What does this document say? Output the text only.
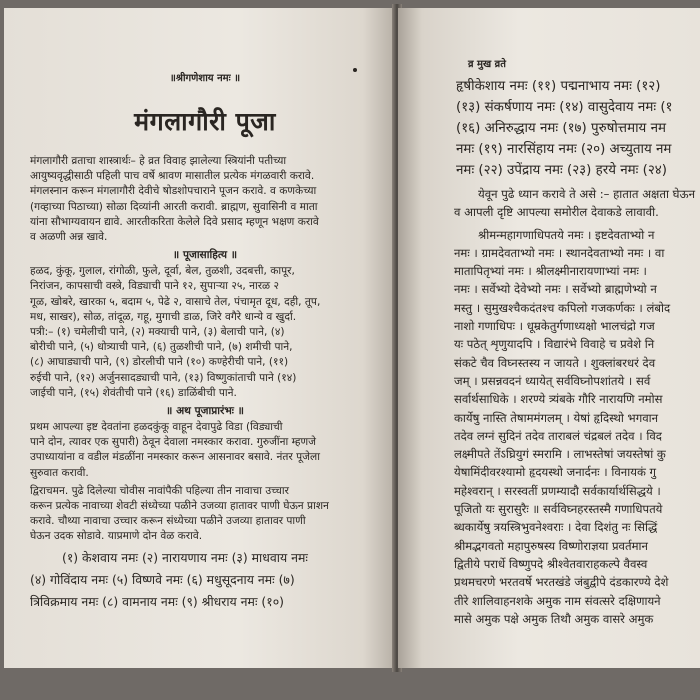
॥श्रीगणेशाय नमः ॥
मंगलागौरी पूजा
मंगलागौरी व्रताचा शास्त्रार्थः– हे व्रत विवाह झालेल्या स्त्रियांनी पतीच्या
आयुष्यवृद्धीसाठी पहिली पाच वर्षे श्रावण मासातील प्रत्येक मंगळवारी करावे.
मंगलस्नान करून मंगलागौरी देवीचे षोडशोपचाराने पूजन करावे. व कणकेच्या
(गव्हाच्या पिठाच्या) सोळा दिव्यांनी आरती करावी. ब्राह्मण, सुवासिनी व माता
यांना सौभाग्यवायन द्यावे. आरतीकरिता केलेले दिवे प्रसाद म्हणून भक्षण करावे
व अळणी अन्न खावे.
॥ पूजासाहित्य ॥
हळद, कुंकू, गुलाल, रांगोळी, फुले, दूर्वा, बेल, तुळशी, उदबत्ती, कापूर,
निरांजन, कापसाची वस्त्रे, विड्याची पाने १२, सुपाऱ्या २५, नारळ २
गूळ, खोबरे, खारका ५, बदाम ५, पेढे २, वासाचे तेल, पंचामृत दूध, दही, तूप,
मध, साखर), सोळ, तांदूळ, गहू, मुगाची डाळ, जिरे वगैरे धान्ये व खुर्दा.
पत्री:– (१) चमेलीची पाने, (२) मक्याची पाने, (३) बेलाची पाने, (४)
बोरीची पाने, (५) धोत्र्याची पाने, (६) तुळशीची पाने, (७) शमीची पाने,
(८) आघाड्याची पाने, (९) डोरलीची पाने (१०) कण्हेरीची पाने, (११)
रुईची पाने, (१२) अर्जुनसादड्याची पाने, (१३) विष्णुकांताची पाने (१४)
जाईची पाने, (१५) शेवंतीची पाने (१६) डाळिंबीची पाने.
॥ अथ पूजाप्रारंभः ॥
प्रथम आपल्या इष्ट देवतांना हळदकुंकू वाहून देवापुढे विडा (विड्याची
पाने दोन, त्यावर एक सुपारी) ठेवून देवाला नमस्कार करावा. गुरुजींना म्हणजे
उपाध्यायांना व वडील मंडळींना नमस्कार करून आसनावर बसावे. नंतर पूजेला
सुरुवात करावी.
द्विराचमन. पुढे दिलेल्या चोवीस नावांपैकी पहिल्या तीन नावाचा उच्चार
करून प्रत्येक नावाच्या शेवटी संध्येच्या पळीने उजव्या हातावर पाणी घेऊन प्राशन
करावे. चौथ्या नावाचा उच्चार करून संध्येच्या पळीने उजव्या हातावर पाणी
घेऊन उदक सोडावे. याप्रमाणे दोन वेळ करावे.
(१) केशवाय नमः (२) नारायणाय नमः (३) माधवाय नमः
(४) गोविंदाय नमः (५) विष्णवे नमः (६) मधुसूदनाय नमः (७)
त्रिविक्रमाय नमः (८) वामनाय नमः (९) श्रीधराय नमः (१०)
व्र मुख व्रते
हृषीकेशाय नमः (११) पद्मनाभाय नमः (१२)
(१३) संकर्षणाय नमः (१४) वासुदेवाय नमः (१
(१६) अनिरुद्धाय नमः (१७) पुरुषोत्तमाय नम
नमः (१९) नारसिंहाय नमः (२०) अच्युताय नम
नमः (२२) उपेंद्राय नमः (२३) हरये नमः (२४)
येवून पुढे ध्यान करावे ते असे :– हातात अक्षता घेऊन
व आपली दृष्टि आपल्या समोरील देवाकडे लावावी.
श्रीमन्महागणाधिपतये नमः । इष्टदेवताभ्यो न
नमः । ग्रामदेवताभ्यो नमः । स्थानदेवताभ्यो नमः । वा
मातापितृभ्यां नमः । श्रीलक्ष्मीनारायणाभ्यां नमः ।
नमः । सर्वेभ्यो देवेभ्यो नमः । सर्वेभ्यो ब्राह्मणेभ्यो न
मस्तु । सुमुखश्चैकदंतश्च कपिलो गजकर्णकः । लंबोद
नाशो गणाधिपः । धूम्रकेतुर्गणाध्यक्षो भालचंद्रो गज
यः पठेत् शृणुयादपि । विद्यारंभे विवाहे च प्रवेशे नि
संकटे चैव विघ्नस्तस्य न जायते । शुक्लांबरधरं देव
जम् । प्रसन्नवदनं ध्यायेत् सर्वविघ्नोपशांतये । सर्व
सर्वार्थसाधिके । शरण्ये त्र्यंबके गौरि नारायणि नमोस
कार्येषु नास्ति तेषाममंगलम् । येषां हृदिस्थो भगवान
तदेव लग्नं सुदिनं तदेव ताराबलं चंद्रबलं तदेव । विद
लक्ष्मीपते तेंऽघ्रियुगं स्मरामि । लाभस्तेषां जयस्तेषां कु
येषामिंदीवरश्यामो हृदयस्थो जनार्दनः । विनायकं गु
महेश्वरान् । सरस्वतीं प्रणम्यादौ सर्वकार्यार्थसिद्धये ।
पूजितो यः सुरासुरैः ॥ सर्वविघ्नहरस्तस्मै गणाधिपतये
ब्धकार्येषु त्रयस्त्रिभुवनेश्वराः । देवा दिशंतु नः सिद्धिं
श्रीमद्भगवतो महापुरुषस्य विष्णोराज्ञया प्रवर्तमान
द्वितीये परार्धे विष्णुपदे श्रीश्वेतवाराहकल्पे वैवस्व
प्रथमचरणे भरतवर्षे भरतखंडे जंबुद्वीपे दंडकारण्ये देशे
तीरे शालिवाहनशके अमुक नाम संवत्सरे दक्षिणायने
मासे अमुक पक्षे अमुक तिथौ अमुक वासरे अमुक
